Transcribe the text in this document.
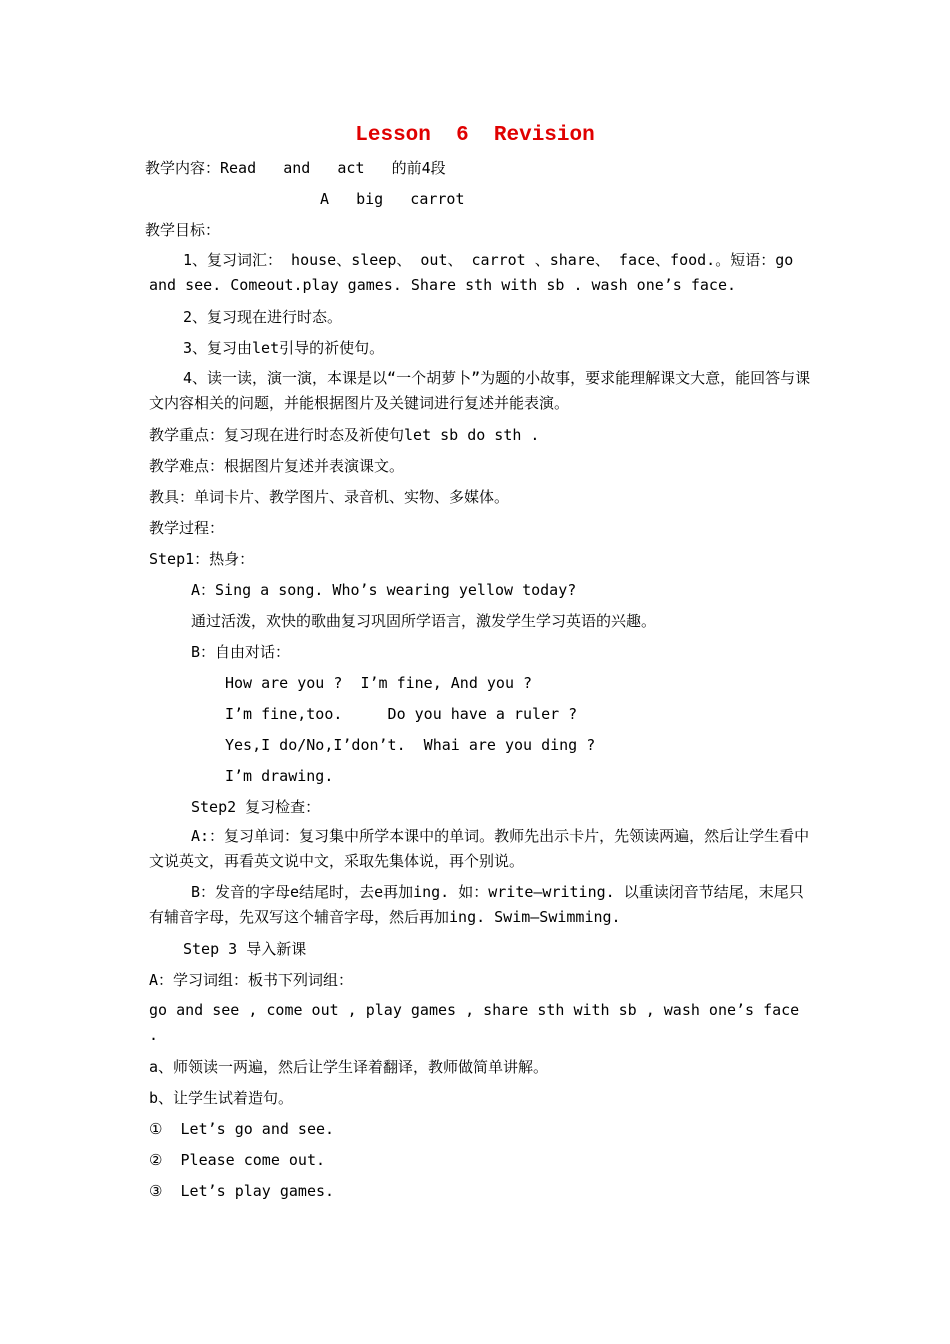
Lesson  6  Revision
教学内容：Read   and   act   的前4段
A   big   carrot
教学目标：
1、复习词汇： house、sleep、 out、 carrot 、share、 face、food.。短语：go and see. Comeout.play games. Share sth with sb . wash one’s face.
2、复习现在进行时态。
3、复习由let引导的祈使句。
4、读一读，演一演，本课是以“一个胡萝卜”为题的小故事，要求能理解课文大意，能回答与课文内容相关的问题，并能根据图片及关键词进行复述并能表演。
教学重点：复习现在进行时态及祈使句let sb do sth .
教学难点：根据图片复述并表演课文。
教具：单词卡片、教学图片、录音机、实物、多媒体。
教学过程：
Step1：热身：
A：Sing a song. Who’s wearing yellow today?
通过活泼，欢快的歌曲复习巩固所学语言，激发学生学习英语的兴趣。
B：自由对话：
How are you ?  I’m fine, And you ?
I’m fine,too.     Do you have a ruler ?
Yes,I do/No,I’don’t.  Whai are you ding ?
I’m drawing.
Step2 复习检查：
A:：复习单词：复习集中所学本课中的单词。教师先出示卡片，先领读两遍，然后让学生看中文说英文，再看英文说中文，采取先集体说，再个别说。
B：发音的字母e结尾时，去e再加ing. 如：write—writing. 以重读闭音节结尾，末尾只有辅音字母，先双写这个辅音字母，然后再加ing. Swim—Swimming.
Step 3 导入新课
A：学习词组：板书下列词组：
go and see , come out , play games , share sth with sb , wash one’s face .
a、师领读一两遍，然后让学生译着翻译，教师做简单讲解。
b、让学生试着造句。
①  Let’s go and see.
②  Please come out.
③  Let’s play games.
